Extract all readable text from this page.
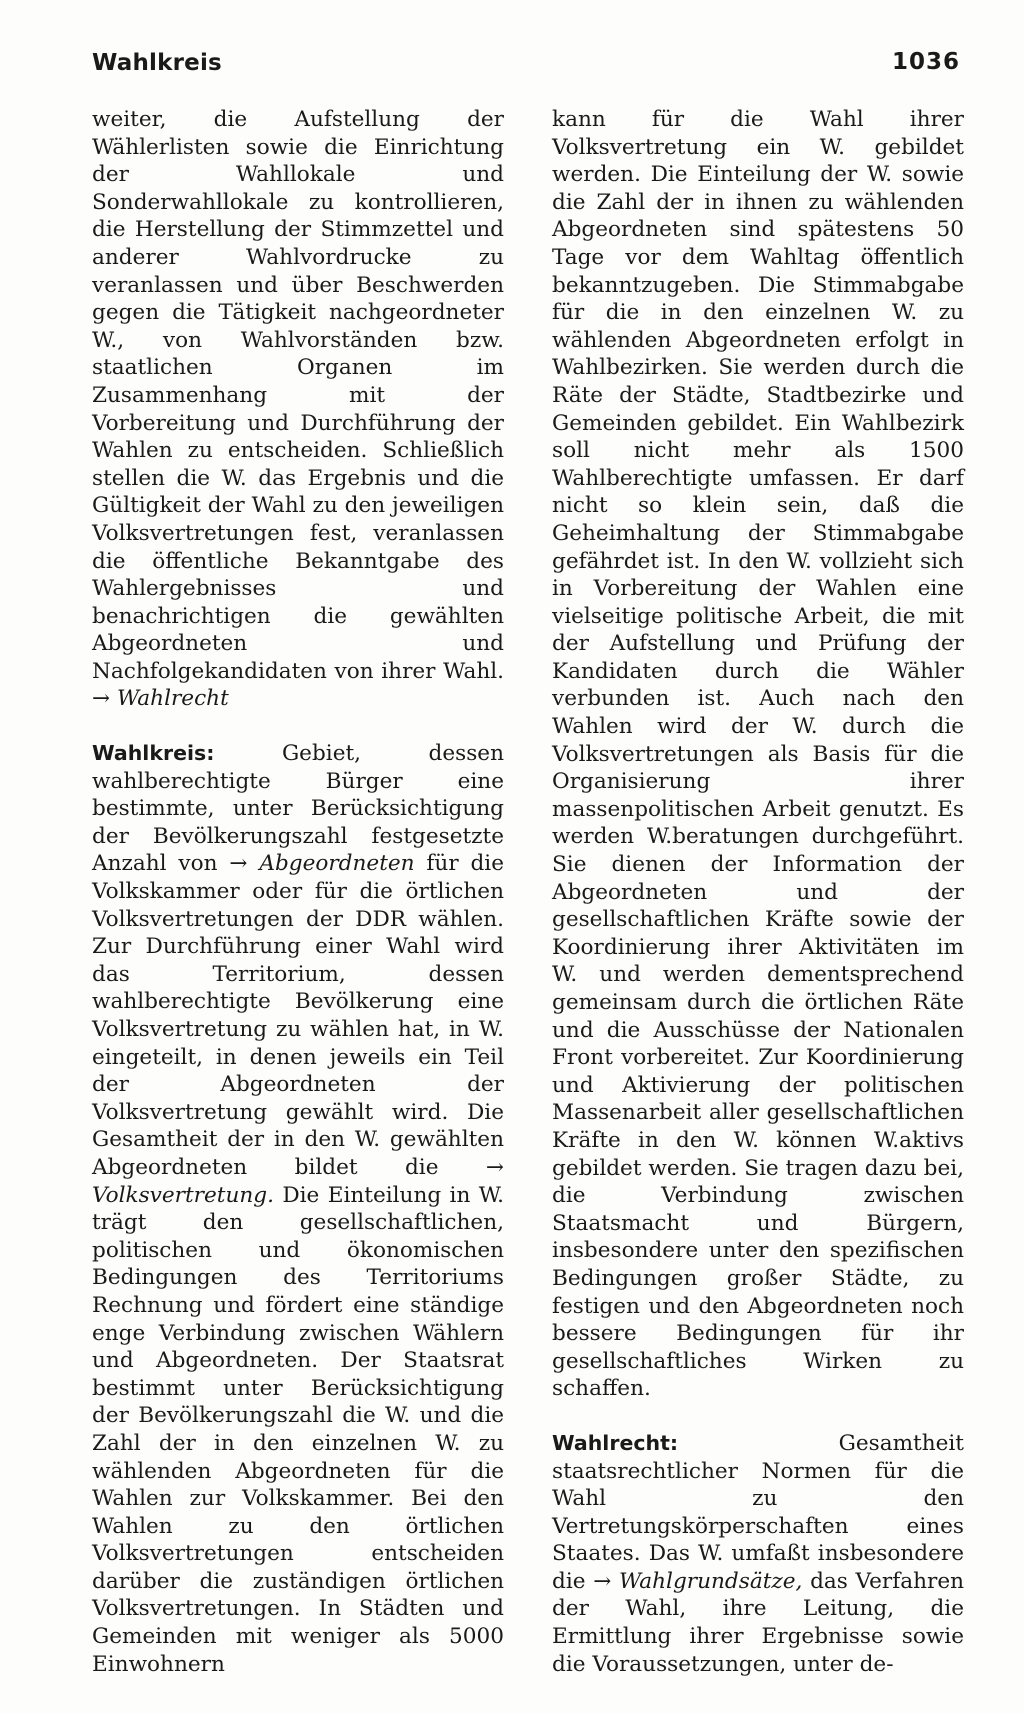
Wahlkreis	1036

weiter, die Aufstellung der Wählerlisten sowie die Einrichtung der Wahllokale und Sonderwahllokale zu kontrollieren, die Herstellung der Stimmzettel und anderer Wahlvordrucke zu veranlassen und über Beschwerden gegen die Tätigkeit nachgeordneter W., von Wahlvorständen bzw. staatlichen Organen im Zusammenhang mit der Vorbereitung und Durchführung der Wahlen zu entscheiden. Schließlich stellen die W. das Ergebnis und die Gültigkeit der Wahl zu den jeweiligen Volksvertretungen fest, veranlassen die öffentliche Bekanntgabe des Wahlergebnisses und benachrichtigen die gewählten Abgeordneten und Nachfolgekandidaten von ihrer Wahl. → Wahlrecht

Wahlkreis:	Gebiet, dessen wahlberechtigte Bürger eine bestimmte, unter Berücksichtigung der Bevölkerungszahl festgesetzte Anzahl von → Abgeordneten für die Volkskammer oder für die örtlichen Volksvertretungen der DDR wählen. Zur Durchführung einer Wahl wird das Territorium, dessen wahlberechtigte Bevölkerung eine Volksvertretung zu wählen hat, in W. eingeteilt, in denen jeweils ein Teil der Abgeordneten der Volksvertretung gewählt wird. Die Gesamtheit der in den W. gewählten Abgeordneten bildet die → Volksvertretung. Die Einteilung in W. trägt den gesellschaftlichen, politischen und ökonomischen Bedingungen des Territoriums Rechnung und fördert eine ständige enge Verbindung zwischen Wählern und Abgeordneten. Der Staatsrat bestimmt unter Berücksichtigung der Bevölkerungszahl die W. und die Zahl der in den einzelnen W. zu wählenden Abgeordneten für die Wahlen zur Volkskammer. Bei den Wahlen zu den örtlichen Volksvertretungen entscheiden darüber die zuständigen örtlichen Volksvertretungen. In Städten und Gemeinden mit weniger als 5000 Einwohnern

kann für die Wahl ihrer Volksvertretung ein W. gebildet werden. Die Einteilung der W. sowie die Zahl der in ihnen zu wählenden Abgeordneten sind spätestens 50 Tage vor dem Wahltag öffentlich bekanntzugeben. Die Stimmabgabe für die in den einzelnen W. zu wählenden Abgeordneten erfolgt in Wahlbezirken. Sie werden durch die Räte der Städte, Stadtbezirke und Gemeinden gebildet. Ein Wahlbezirk soll nicht mehr als 1500 Wahlberechtigte umfassen. Er darf nicht so klein sein, daß die Geheimhaltung der Stimmabgabe gefährdet ist. In den W. vollzieht sich in Vorbereitung der Wahlen eine vielseitige politische Arbeit, die mit der Aufstellung und Prüfung der Kandidaten durch die Wähler verbunden ist. Auch nach den Wahlen wird der W. durch die Volksvertretungen als Basis für die Organisierung ihrer massenpolitischen Arbeit genutzt. Es werden W.beratungen durchgeführt. Sie dienen der Information der Abgeordneten und der gesellschaftlichen Kräfte sowie der Koordinierung ihrer Aktivitäten im W. und werden dementsprechend gemeinsam durch die örtlichen Räte und die Ausschüsse der Nationalen Front vorbereitet. Zur Koordinierung und Aktivierung der politischen Massenarbeit aller gesellschaftlichen Kräfte in den W. können W.aktivs gebildet werden. Sie tragen dazu bei, die Verbindung zwischen Staatsmacht und Bürgern, insbesondere unter den spezifischen Bedingungen großer Städte, zu festigen und den Abgeordneten noch bessere Bedingungen für ihr gesellschaftliches Wirken zu schaffen.

Wahlrecht:	Gesamtheit staatsrechtlicher Normen für die Wahl zu den Vertretungskörperschaften eines Staates. Das W. umfaßt insbesondere die → Wahlgrundsätze, das Verfahren der Wahl, ihre Leitung, die Ermittlung ihrer Ergebnisse sowie die Voraussetzungen, unter de-
